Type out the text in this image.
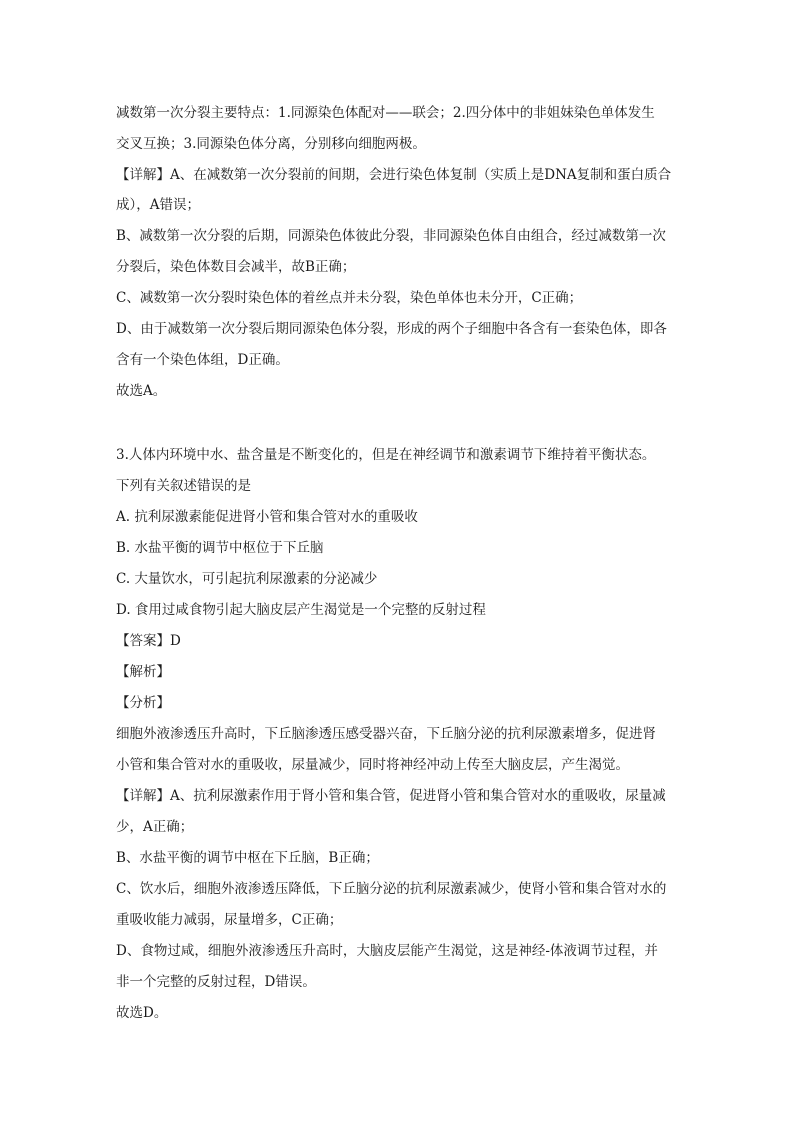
减数第一次分裂主要特点：1.同源染色体配对——联会；2.四分体中的非姐妹染色单体发生
交叉互换；3.同源染色体分离，分别移向细胞两极。
【详解】A、在减数第一次分裂前的间期，会进行染色体复制（实质上是DNA复制和蛋白质合
成），A错误；
B、减数第一次分裂的后期，同源染色体彼此分裂，非同源染色体自由组合，经过减数第一次
分裂后，染色体数目会减半，故B正确；
C、减数第一次分裂时染色体的着丝点并未分裂，染色单体也未分开，C正确；
D、由于减数第一次分裂后期同源染色体分裂，形成的两个子细胞中各含有一套染色体，即各
含有一个染色体组，D正确。
故选A。
3.人体内环境中水、盐含量是不断变化的，但是在神经调节和激素调节下维持着平衡状态。
下列有关叙述错误的是
A. 抗利尿激素能促进肾小管和集合管对水的重吸收
B. 水盐平衡的调节中枢位于下丘脑
C. 大量饮水，可引起抗利尿激素的分泌减少
D. 食用过咸食物引起大脑皮层产生渴觉是一个完整的反射过程
【答案】D
【解析】
【分析】
细胞外液渗透压升高时，下丘脑渗透压感受器兴奋，下丘脑分泌的抗利尿激素增多，促进肾
小管和集合管对水的重吸收，尿量减少，同时将神经冲动上传至大脑皮层，产生渴觉。
【详解】A、抗利尿激素作用于肾小管和集合管，促进肾小管和集合管对水的重吸收，尿量减
少，A正确；
B、水盐平衡的调节中枢在下丘脑，B正确；
C、饮水后，细胞外液渗透压降低，下丘脑分泌的抗利尿激素减少，使肾小管和集合管对水的
重吸收能力减弱，尿量增多，C正确；
D、食物过咸，细胞外液渗透压升高时，大脑皮层能产生渴觉，这是神经-体液调节过程，并
非一个完整的反射过程，D错误。
故选D。
